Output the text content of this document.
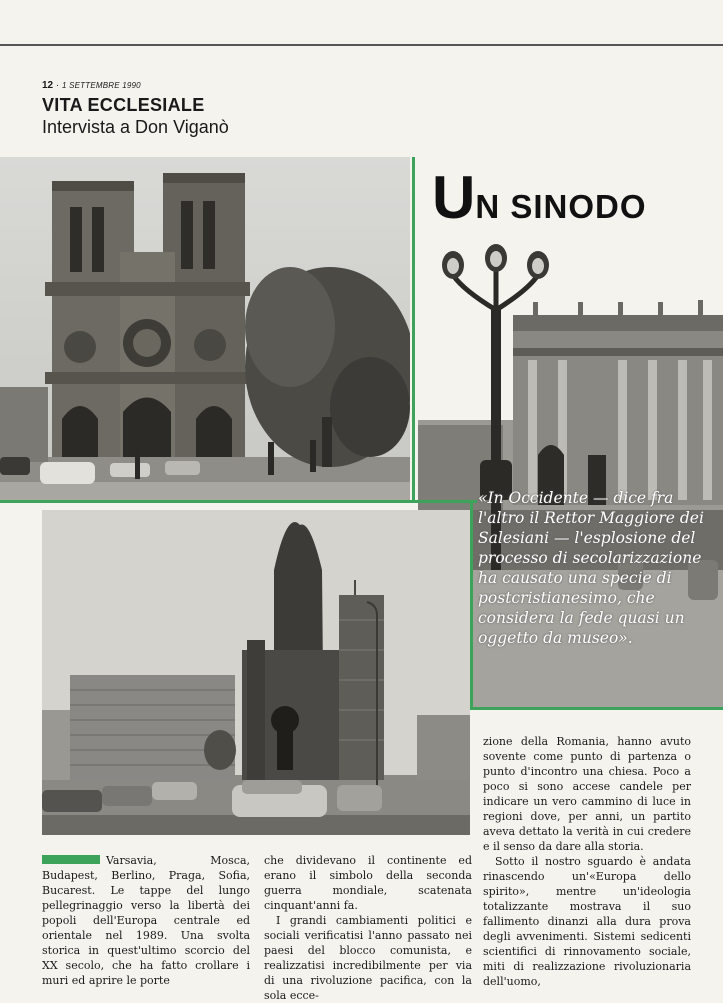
12 · 1 SETTEMBRE 1990
VITA ECCLESIALE
Intervista a Don Viganò
UN SINODO
«In Occidente — dice fra l'altro il Rettor Maggiore dei Salesiani — l'esplosione del processo di secolarizzazione ha causato una specie di postcristianesimo, che considera la fede quasi un oggetto da museo».

zione della Romania, hanno avuto sovente come punto di partenza o punto d'incontro una chiesa. Poco a poco si sono accese candele per indicare un vero cammino di luce in regioni dove, per anni, un partito aveva dettato la verità in cui credere e il senso da dare alla storia.

Sotto il nostro sguardo è andata rinascendo un'«Europa dello spirito», mentre un'ideologia totalizzante mostrava il suo fallimento dinanzi alla dura prova degli avvenimenti. Sistemi sedicenti scientifici di rinnovamento sociale, miti di realizzazione rivoluzionaria dell'uomo,

Varsavia, Mosca, Budapest, Berlino, Praga, Sofia, Bucarest. Le tappe del lungo pellegrinaggio verso la libertà dei popoli dell'Europa centrale ed orientale nel 1989. Una svolta storica in quest'ultimo scorcio del XX secolo, che ha fatto crollare i muri ed aprire le porte

che dividevano il continente ed erano il simbolo della seconda guerra mondiale, scatenata cinquant'anni fa.

I grandi cambiamenti politici e sociali verificatisi l'anno passato nei paesi del blocco comunista, e realizzatisi incredibilmente per via di una rivoluzione pacifica, con la sola ecce-
